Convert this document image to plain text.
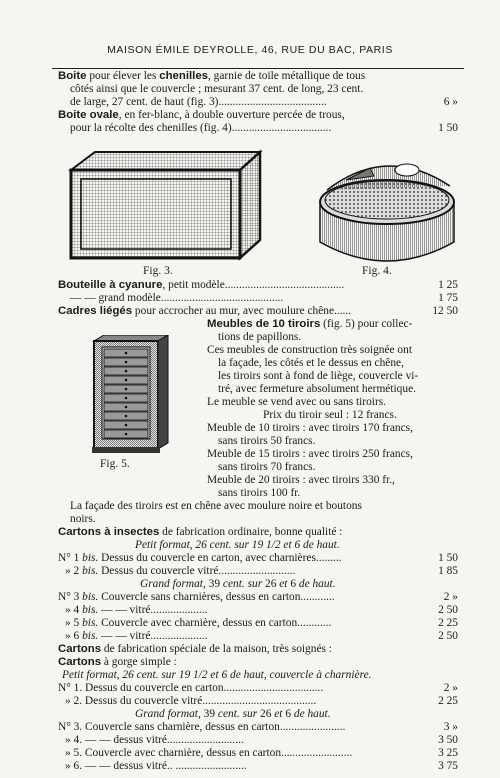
MAISON ÉMILE DEYROLLE, 46, RUE DU BAC, PARIS
Boite pour élever les chenilles, garnie de toile métallique de tous
côtés ainsi que le couvercle ; mesurant 37 cent. de long, 23 cent.
de large, 27 cent. de haut (fig. 3)......................................
Boite ovale, en fer-blanc, à double ouverture percée de trous,
pour la récolte des chenilles (fig. 4)...................................
Bouteille à cyanure, petit modèle..........................................
— — grand modèle...........................................
Cadres liégés pour accrocher au mur, avec moulure chêne......
Meubles de 10 tiroirs (fig. 5) pour collec-
tions de papillons.
Ces meubles de construction très soignée ont
la façade, les côtés et le dessus en chêne,
les tiroirs sont à fond de liège, couvercle vi-
tré, avec fermeture absolument hermétique.
Le meuble se vend avec ou sans tiroirs.
Prix du tiroir seul : 12 francs.
Meuble de 10 tiroirs : avec tiroirs 170 francs,
sans tiroirs 50 francs.
Meuble de 15 tiroirs : avec tiroirs 250 francs,
sans tiroirs 70 francs.
Meuble de 20 tiroirs : avec tiroirs 330 fr.,
sans tiroirs 100 fr.
La façade des tiroirs est en chêne avec moulure noire et boutons
noirs.
Cartons à insectes de fabrication ordinaire, bonne qualité :
Petit format, 26 cent. sur 19 1/2 et 6 de haut.
N° 1 bis. Dessus du couvercle en carton, avec charnières.........
» 2 bis. Dessus du couvercle vitré...........................
Grand format, 39 cent. sur 26 et 6 de haut.
N° 3 bis. Couvercle sans charnières, dessus en carton............
» 4 bis. — — vitré....................
» 5 bis. Couvercle avec charnière, dessus en carton............
» 6 bis. — — vitré....................
Cartons de fabrication spéciale de la maison, très soignés :
Cartons à gorge simple :
Petit format, 26 cent. sur 19 1/2 et 6 de haut, couvercle à charnière.
N° 1. Dessus du couvercle en carton...................................
» 2. Dessus du couvercle vitré........................................
Grand format, 39 cent. sur 26 et 6 de haut.
N° 3. Couvercle sans charnière, dessus en carton.......................
» 4. — — dessus vitré...........................
» 5. Couvercle avec charnière, dessus en carton.........................
» 6. — — dessus vitré.. .........................
6 »
1 50
1 25
1 75
12 50
1 50
1 85
2 »
2 50
2 25
2 50
2 »
2 25
3 »
3 50
3 25
3 75
Fig. 3.	Fig. 4.
Fig. 5.
